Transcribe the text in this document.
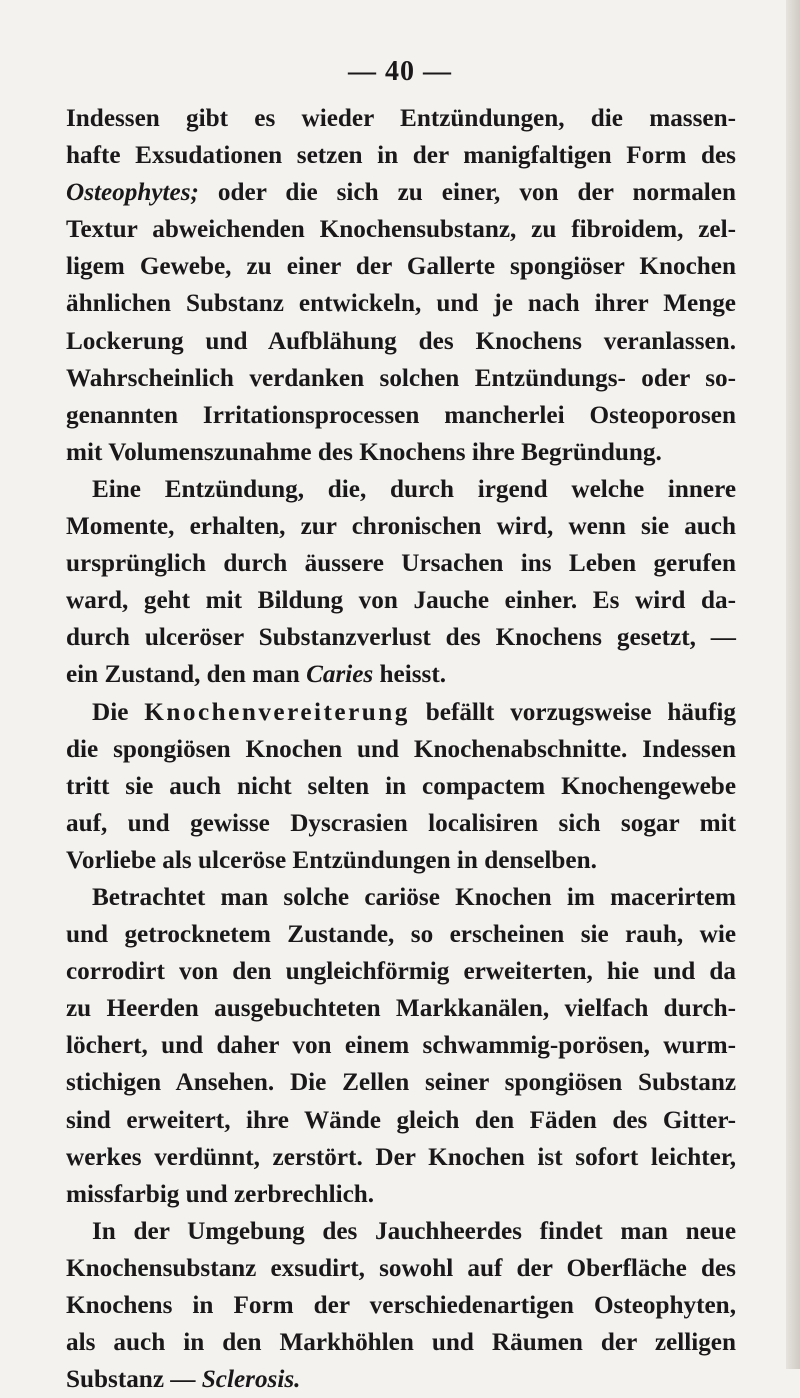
— 40 —
Indessen gibt es wieder Entzündungen, die massen-
hafte Exsudationen setzen in der manigfaltigen Form des
Osteophytes; oder die sich zu einer, von der normalen
Textur abweichenden Knochensubstanz, zu fibroidem, zel-
ligem Gewebe, zu einer der Gallerte spongiöser Knochen
ähnlichen Substanz entwickeln, und je nach ihrer Menge
Lockerung und Aufblähung des Knochens veranlassen.
Wahrscheinlich verdanken solchen Entzündungs- oder so-
genannten Irritationsprocessen mancherlei Osteoporosen
mit Volumenszunahme des Knochens ihre Begründung.
Eine Entzündung, die, durch irgend welche innere
Momente, erhalten, zur chronischen wird, wenn sie auch
ursprünglich durch äussere Ursachen ins Leben gerufen
ward, geht mit Bildung von Jauche einher. Es wird da-
durch ulceröser Substanzverlust des Knochens gesetzt, —
ein Zustand, den man Caries heisst.
Die Knochenvereiterung befällt vorzugsweise häufig
die spongiösen Knochen und Knochenabschnitte. Indessen
tritt sie auch nicht selten in compactem Knochengewebe
auf, und gewisse Dyscrasien localisiren sich sogar mit
Vorliebe als ulceröse Entzündungen in denselben.
Betrachtet man solche cariöse Knochen im macerirtem
und getrocknetem Zustande, so erscheinen sie rauh, wie
corrodirt von den ungleichförmig erweiterten, hie und da
zu Heerden ausgebuchteten Markkanälen, vielfach durch-
löchert, und daher von einem schwammig-porösen, wurm-
stichigen Ansehen. Die Zellen seiner spongiösen Substanz
sind erweitert, ihre Wände gleich den Fäden des Gitter-
werkes verdünnt, zerstört. Der Knochen ist sofort leichter,
missfarbig und zerbrechlich.
In der Umgebung des Jauchheerdes findet man neue
Knochensubstanz exsudirt, sowohl auf der Oberfläche des
Knochens in Form der verschiedenartigen Osteophyten,
als auch in den Markhöhlen und Räumen der zelligen
Substanz — Sclerosis.
